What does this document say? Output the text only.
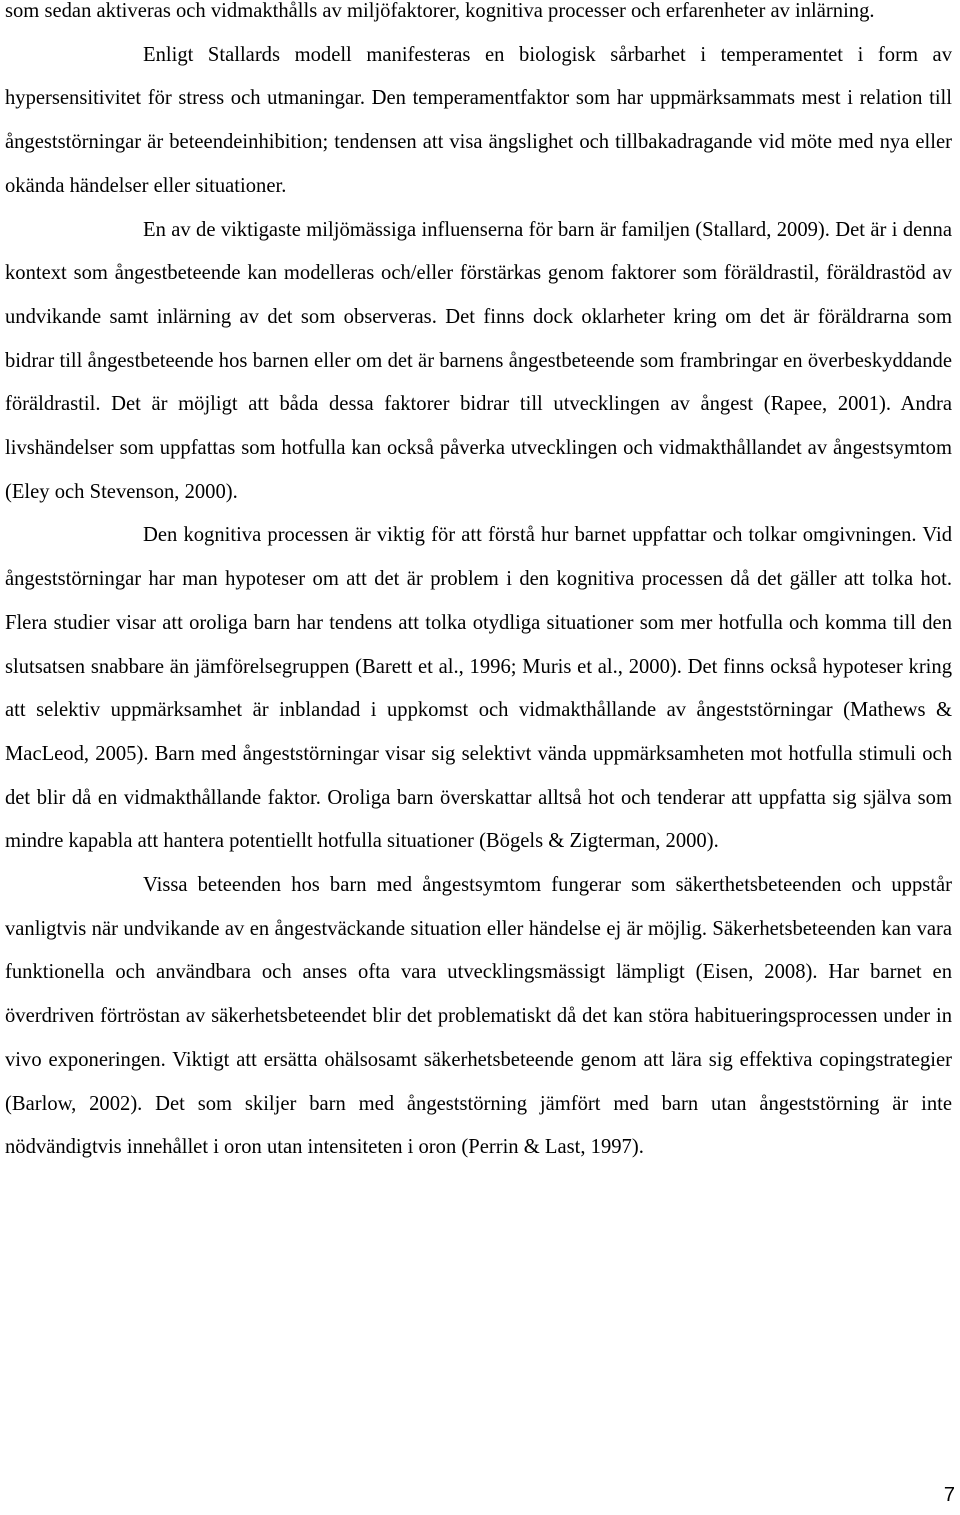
som sedan aktiveras och vidmakthålls av miljöfaktorer, kognitiva processer och erfarenheter av inlärning.

Enligt Stallards modell manifesteras en biologisk sårbarhet i temperamentet i form av hypersensitivitet för stress och utmaningar. Den temperamentfaktor som har uppmärksammats mest i relation till ångeststörningar är beteendeinhibition; tendensen att visa ängslighet och tillbakadragande vid möte med nya eller okända händelser eller situationer.

En av de viktigaste miljömässiga influenserna för barn är familjen (Stallard, 2009). Det är i denna kontext som ångestbeteende kan modelleras och/eller förstärkas genom faktorer som föräldrastil, föräldrastöd av undvikande samt inlärning av det som observeras. Det finns dock oklarheter kring om det är föräldrarna som bidrar till ångestbeteende hos barnen eller om det är barnens ångestbeteende som frambringar en överbeskyddande föräldrastil. Det är möjligt att båda dessa faktorer bidrar till utvecklingen av ångest (Rapee, 2001). Andra livshändelser som uppfattas som hotfulla kan också påverka utvecklingen och vidmakthållandet av ångestsymtom (Eley och Stevenson, 2000).

Den kognitiva processen är viktig för att förstå hur barnet uppfattar och tolkar omgivningen. Vid ångeststörningar har man hypoteser om att det är problem i den kognitiva processen då det gäller att tolka hot. Flera studier visar att oroliga barn har tendens att tolka otydliga situationer som mer hotfulla och komma till den slutsatsen snabbare än jämförelsegruppen (Barett et al., 1996; Muris et al., 2000). Det finns också hypoteser kring att selektiv uppmärksamhet är inblandad i uppkomst och vidmakthållande av ångeststörningar (Mathews & MacLeod, 2005). Barn med ångeststörningar visar sig selektivt vända uppmärksamheten mot hotfulla stimuli och det blir då en vidmakthållande faktor. Oroliga barn överskattar alltså hot och tenderar att uppfatta sig själva som mindre kapabla att hantera potentiellt hotfulla situationer (Bögels & Zigterman, 2000).

Vissa beteenden hos barn med ångestsymtom fungerar som säkerthetsbeteenden och uppstår vanligtvis när undvikande av en ångestväckande situation eller händelse ej är möjlig. Säkerhetsbeteenden kan vara funktionella och användbara och anses ofta vara utvecklingsmässigt lämpligt (Eisen, 2008). Har barnet en överdriven förtröstan av säkerhetsbeteendet blir det problematiskt då det kan störa habitueringsprocessen under in vivo exponeringen. Viktigt att ersätta ohälsosamt säkerhetsbeteende genom att lära sig effektiva copingstrategier (Barlow, 2002). Det som skiljer barn med ångeststörning jämfört med barn utan ångeststörning är inte nödvändigtvis innehållet i oron utan intensiteten i oron (Perrin & Last, 1997).

7
